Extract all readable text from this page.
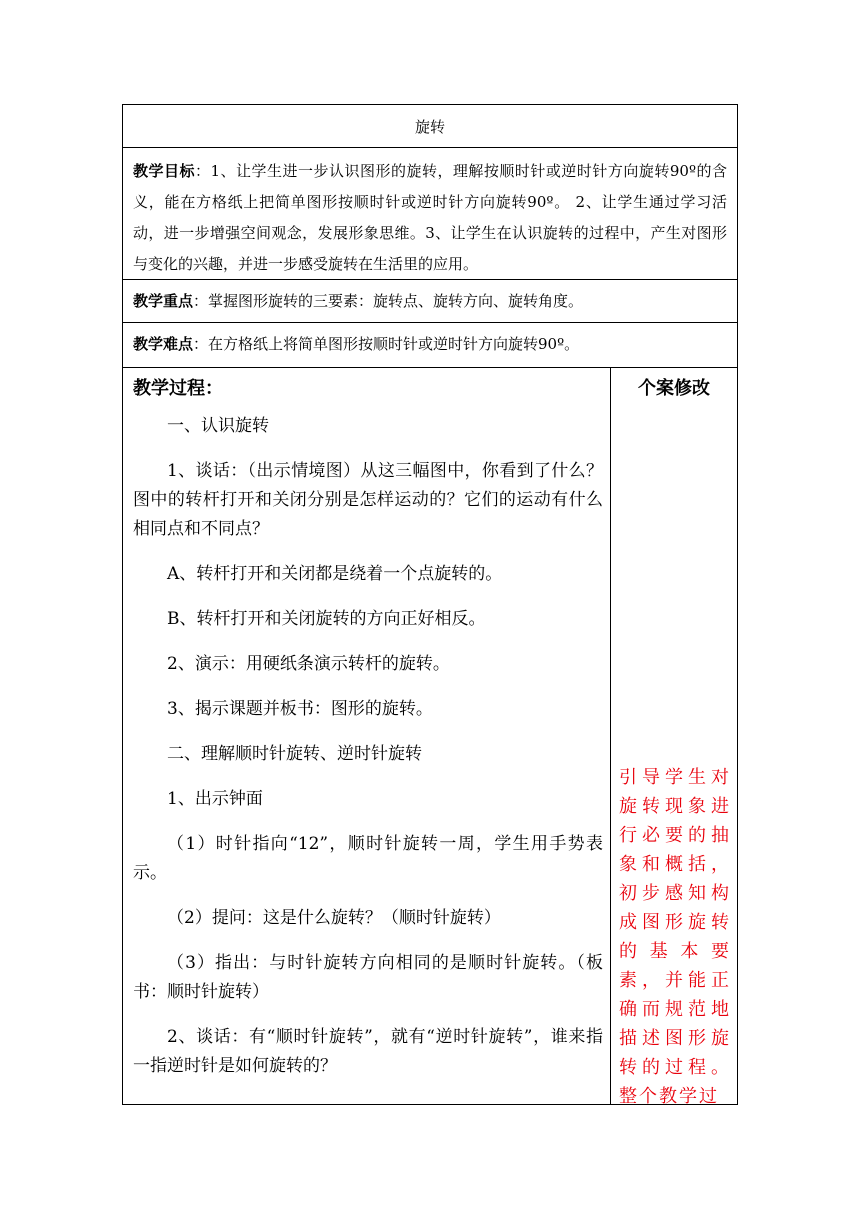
旋转

教学目标：1、让学生进一步认识图形的旋转，理解按顺时针或逆时针方向旋转90º的含义，能在方格纸上把简单图形按顺时针或逆时针方向旋转90º。 2、让学生通过学习活动，进一步增强空间观念，发展形象思维。3、让学生在认识旋转的过程中，产生对图形与变化的兴趣，并进一步感受旋转在生活里的应用。

教学重点：掌握图形旋转的三要素：旋转点、旋转方向、旋转角度。

教学难点：在方格纸上将简单图形按顺时针或逆时针方向旋转90º。

教学过程：

一、认识旋转
1、谈话：（出示情境图）从这三幅图中，你看到了什么？图中的转杆打开和关闭分别是怎样运动的？它们的运动有什么相同点和不同点？
A、转杆打开和关闭都是绕着一个点旋转的。
B、转杆打开和关闭旋转的方向正好相反。
2、演示：用硬纸条演示转杆的旋转。
3、揭示课题并板书：图形的旋转。
二、理解顺时针旋转、逆时针旋转
1、出示钟面
（1）时针指向“12”，顺时针旋转一周，学生用手势表示。
（2）提问：这是什么旋转？（顺时针旋转）
（3）指出：与时针旋转方向相同的是顺时针旋转。（板书：顺时针旋转）
2、谈话：有“顺时针旋转”，就有“逆时针旋转”，谁来指一指逆时针是如何旋转的？

个案修改

引导学生对旋转现象进行必要的抽象和概括，初步感知构成图形旋转的基本要素，并能正确而规范地描述图形旋转的过程。整个教学过
